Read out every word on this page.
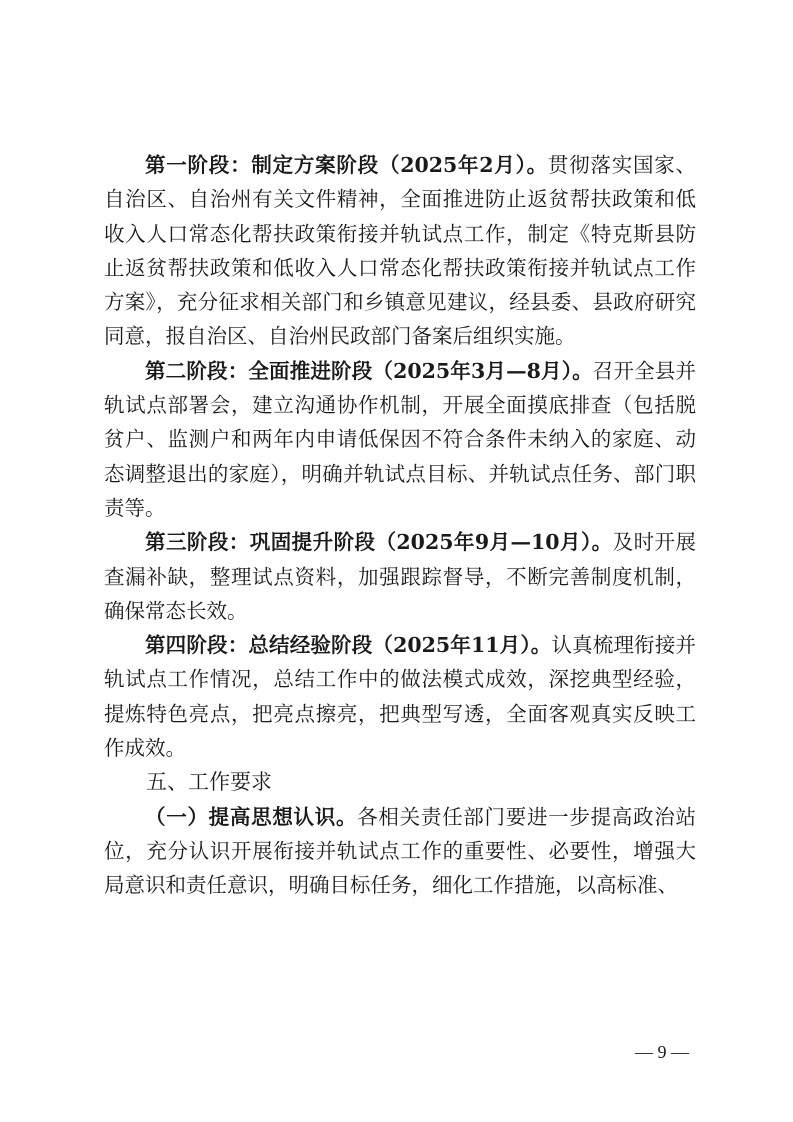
第一阶段：制定方案阶段（2025年2月）。贯彻落实国家、自治区、自治州有关文件精神，全面推进防止返贫帮扶政策和低收入人口常态化帮扶政策衔接并轨试点工作，制定《特克斯县防止返贫帮扶政策和低收入人口常态化帮扶政策衔接并轨试点工作方案》，充分征求相关部门和乡镇意见建议，经县委、县政府研究同意，报自治区、自治州民政部门备案后组织实施。

第二阶段：全面推进阶段（2025年3月—8月）。召开全县并轨试点部署会，建立沟通协作机制，开展全面摸底排查（包括脱贫户、监测户和两年内申请低保因不符合条件未纳入的家庭、动态调整退出的家庭），明确并轨试点目标、并轨试点任务、部门职责等。

第三阶段：巩固提升阶段（2025年9月—10月）。及时开展查漏补缺，整理试点资料，加强跟踪督导，不断完善制度机制，确保常态长效。

第四阶段：总结经验阶段（2025年11月）。认真梳理衔接并轨试点工作情况，总结工作中的做法模式成效，深挖典型经验，提炼特色亮点，把亮点擦亮，把典型写透，全面客观真实反映工作成效。

五、工作要求

（一）提高思想认识。各相关责任部门要进一步提高政治站位，充分认识开展衔接并轨试点工作的重要性、必要性，增强大局意识和责任意识，明确目标任务，细化工作措施，以高标准、

— 9 —
